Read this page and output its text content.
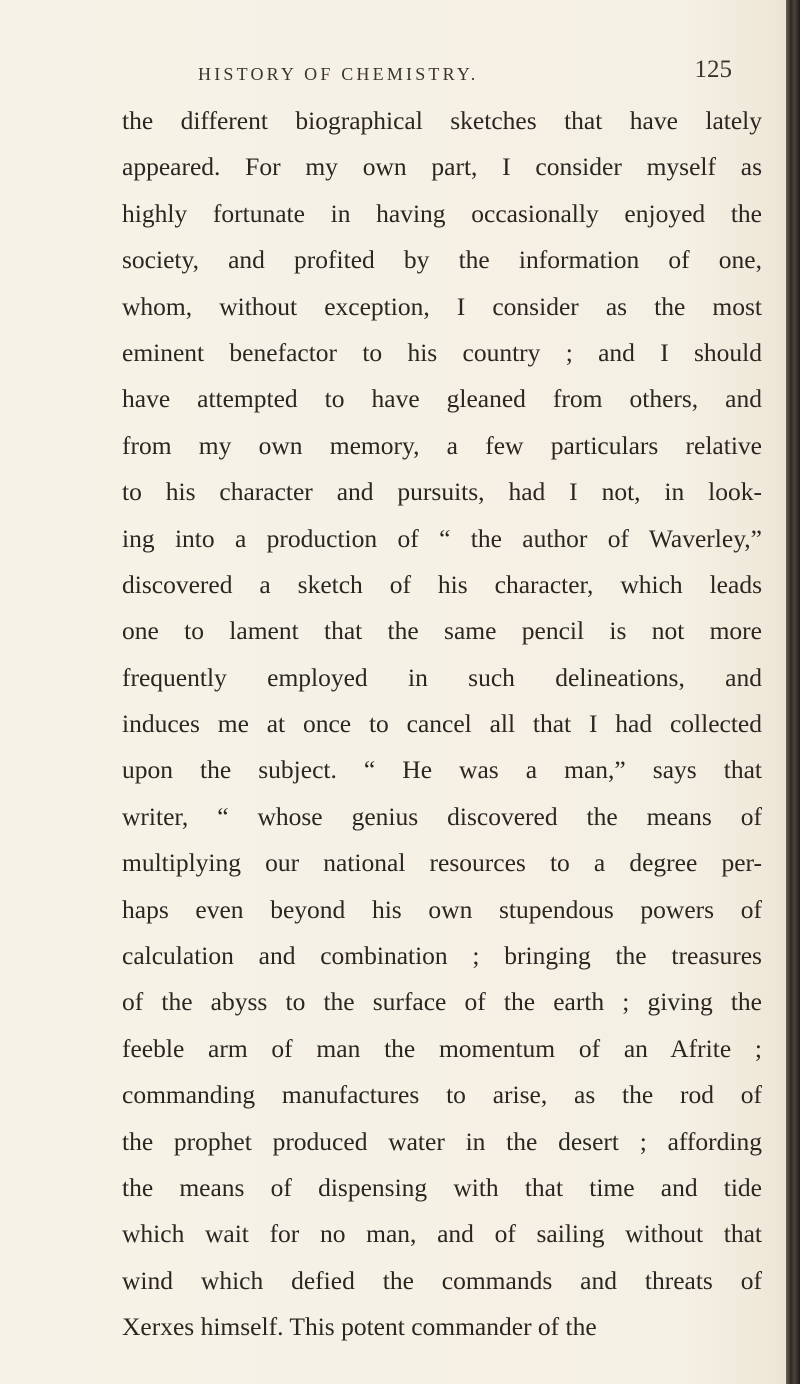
HISTORY OF CHEMISTRY.	125
the different biographical sketches that have lately
appeared. For my own part, I consider myself as
highly fortunate in having occasionally enjoyed the
society, and profited by the information of one,
whom, without exception, I consider as the most
eminent benefactor to his country ; and I should
have attempted to have gleaned from others, and
from my own memory, a few particulars relative
to his character and pursuits, had I not, in look-
ing into a production of “ the author of Waverley,”
discovered a sketch of his character, which leads
one to lament that the same pencil is not more
frequently employed in such delineations, and
induces me at once to cancel all that I had collected
upon the subject. “ He was a man,” says that
writer, “ whose genius discovered the means of
multiplying our national resources to a degree per-
haps even beyond his own stupendous powers of
calculation and combination ; bringing the treasures
of the abyss to the surface of the earth ; giving the
feeble arm of man the momentum of an Afrite ;
commanding manufactures to arise, as the rod of
the prophet produced water in the desert ; affording
the means of dispensing with that time and tide
which wait for no man, and of sailing without that
wind which defied the commands and threats of
Xerxes himself. This potent commander of the
